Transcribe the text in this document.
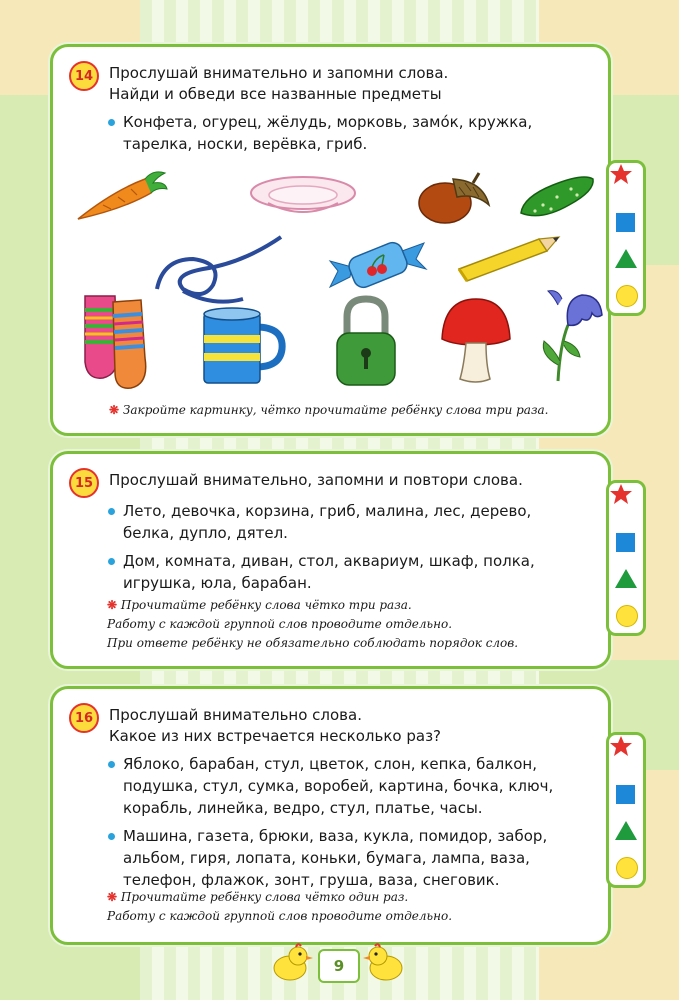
14	Прослушай внимательно и запомни слова.
Найди и обведи все названные предметы
Конфета, огурец, жёлудь, морковь, замо́к, кружка, тарелка, носки, верёвка, гриб.
❋ Закройте картинку, чётко прочитайте ребёнку слова три раза.
15	Прослушай внимательно, запомни и повтори слова.
Лето, девочка, корзина, гриб, малина, лес, дерево, белка, дупло, дятел.
Дом, комната, диван, стол, аквариум, шкаф, полка, игрушка, юла, барабан.
❋ Прочитайте ребёнку слова чётко три раза.
Работу с каждой группой слов проводите отдельно.
При ответе ребёнку не обязательно соблюдать порядок слов.
16	Прослушай внимательно слова.
Какое из них встречается несколько раз?
Яблоко, барабан, стул, цветок, слон, кепка, балкон, подушка, стул, сумка, воробей, картина, бочка, ключ, корабль, линейка, ведро, стул, платье, часы.
Машина, газета, брюки, ваза, кукла, помидор, забор, альбом, гиря, лопата, коньки, бумага, лампа, ваза, телефон, флажок, зонт, груша, ваза, снеговик.
❋ Прочитайте ребёнку слова чётко один раз.
Работу с каждой группой слов проводите отдельно.
9
